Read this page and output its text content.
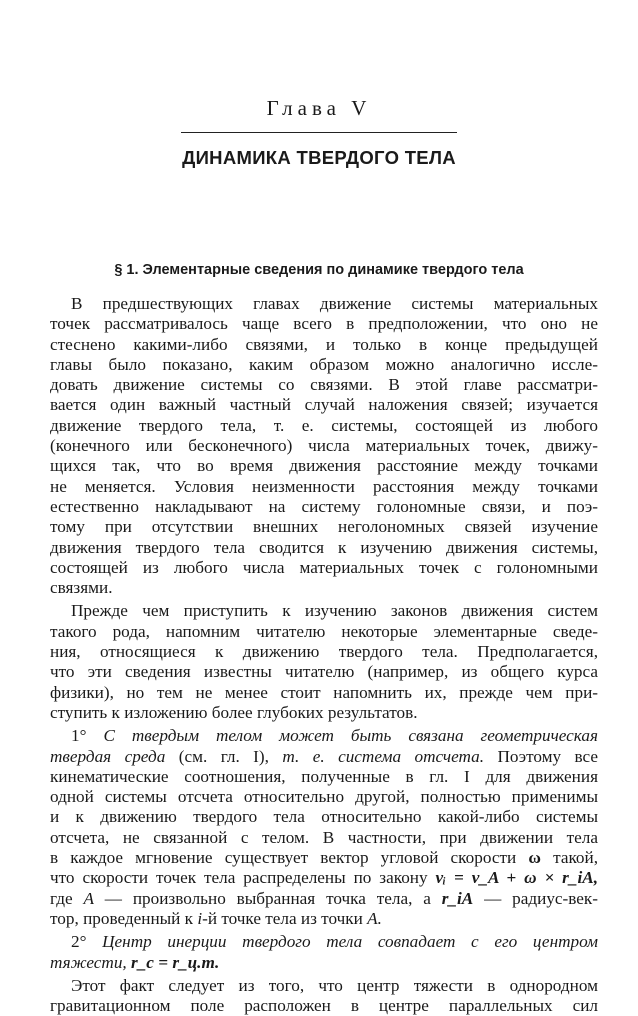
Глава V
ДИНАМИКА ТВЕРДОГО ТЕЛА
§ 1. Элементарные сведения по динамике твердого тела
В предшествующих главах движение системы материальных
точек рассматривалось чаще всего в предположении, что оно не
стеснено какими-либо связями, и только в конце предыдущей
главы было показано, каким образом можно аналогично иссле-
довать движение системы со связями. В этой главе рассматри-
вается один важный частный случай наложения связей; изучается
движение твердого тела, т. е. системы, состоящей из любого
(конечного или бесконечного) числа материальных точек, движу-
щихся так, что во время движения расстояние между точками
не меняется. Условия неизменности расстояния между точками
естественно накладывают на систему голономные связи, и поэ-
тому при отсутствии внешних неголономных связей изучение
движения твердого тела сводится к изучению движения системы,
состоящей из любого числа материальных точек с голономными
связями.
Прежде чем приступить к изучению законов движения систем
такого рода, напомним читателю некоторые элементарные сведе-
ния, относящиеся к движению твердого тела. Предполагается,
что эти сведения известны читателю (например, из общего курса
физики), но тем не менее стоит напомнить их, прежде чем при-
ступить к изложению более глубоких результатов.
1° С твердым телом может быть связана геометрическая
твердая среда (см. гл. I), т. е. система отсчета. Поэтому все
кинематические соотношения, полученные в гл. I для движения
одной системы отсчета относительно другой, полностью применимы
и к движению твердого тела относительно какой-либо системы
отсчета, не связанной с телом. В частности, при движении тела
в каждое мгновение существует вектор угловой скорости ω такой,
что скорости точек тела распределены по закону vᵢ = v_A + ω × r_iA,
где A — произвольно выбранная точка тела, а r_iA — радиус-век-
тор, проведенный к i-й точке тела из точки A.
2° Центр инерции твердого тела совпадает с его центром
тяжести, r_c = r_ц.т.
Этот факт следует из того, что центр тяжести в однородном
гравитационном поле расположен в центре параллельных сил
